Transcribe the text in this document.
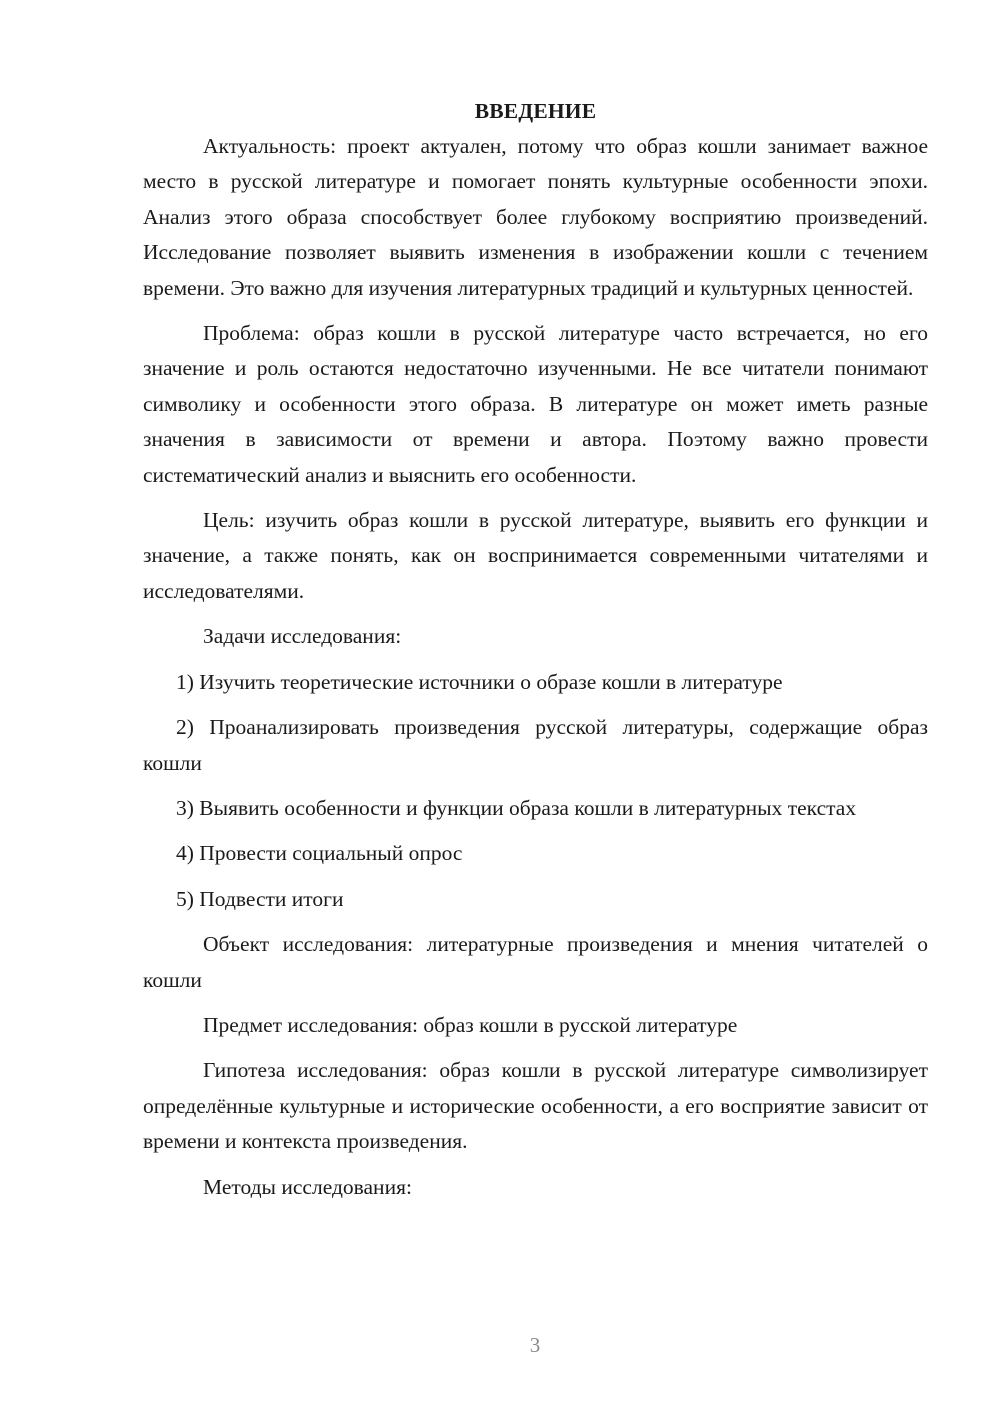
ВВЕДЕНИЕ

Актуальность: проект актуален, потому что образ кошли занимает важное место в русской литературе и помогает понять культурные особенности эпохи. Анализ этого образа способствует более глубокому восприятию произведений. Исследование позволяет выявить изменения в изображении кошли с течением времени. Это важно для изучения литературных традиций и культурных ценностей.

Проблема: образ кошли в русской литературе часто встречается, но его значение и роль остаются недостаточно изученными. Не все читатели понимают символику и особенности этого образа. В литературе он может иметь разные значения в зависимости от времени и автора. Поэтому важно провести систематический анализ и выяснить его особенности.

Цель: изучить образ кошли в русской литературе, выявить его функции и значение, а также понять, как он воспринимается современными читателями и исследователями.

Задачи исследования:

1) Изучить теоретические источники о образе кошли в литературе

2) Проанализировать произведения русской литературы, содержащие образ кошли

3) Выявить особенности и функции образа кошли в литературных текстах

4) Провести социальный опрос

5) Подвести итоги

Объект исследования: литературные произведения и мнения читателей о кошли

Предмет исследования: образ кошли в русской литературе

Гипотеза исследования: образ кошли в русской литературе символизирует определённые культурные и исторические особенности, а его восприятие зависит от времени и контекста произведения.

Методы исследования:

3
